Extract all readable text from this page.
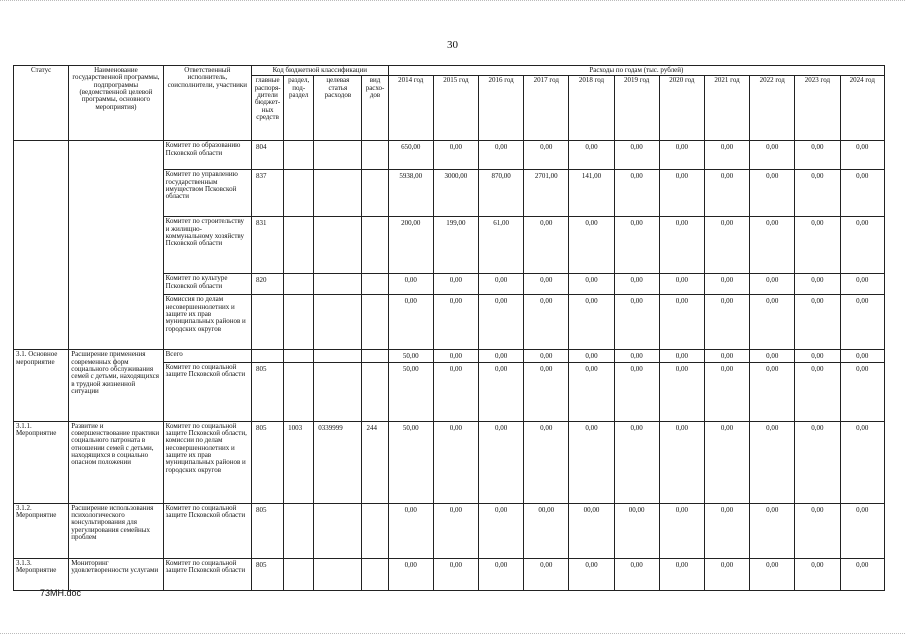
30
Статус	Наименование государственной программы, подпрограммы (ведомственной целевой программы, основного мероприятия)	Ответственный исполнитель, соисполнители, участники	Код бюджетной классификации				Расходы по годам (тыс. рублей)										
			главные распоря-дители бюджет-ных средств	раздел, под-раздел	целевая статья расходов	вид расхо-дов	2014 год	2015 год	2016 год	2017 год	2018 год	2019 год	2020 год	2021 год	2022 год	2023 год	2024 год
		Комитет по образованию Псковской области	804				650,00	0,00	0,00	0,00	0,00	0,00	0,00	0,00	0,00	0,00	0,00
		Комитет по управлению государственным имуществом Псковской области	837				5938,00	3000,00	870,00	2701,00	141,00	0,00	0,00	0,00	0,00	0,00	0,00
		Комитет по строительству и жилищно-коммунальному хозяйству Псковской области	831				200,00	199,00	61,00	0,00	0,00	0,00	0,00	0,00	0,00	0,00	0,00
		Комитет по культуре Псковской области	820				0,00	0,00	0,00	0,00	0,00	0,00	0,00	0,00	0,00	0,00	0,00
		Комиссия по делам несовершеннолетних и защите их прав муниципальных районов и городских округов					0,00	0,00	0,00	0,00	0,00	0,00	0,00	0,00	0,00	0,00	0,00
3.1. Основное мероприятие	Расширение применения современных форм социального обслуживания семей с детьми, находящихся в трудной жизненной ситуации	Всего					50,00	0,00	0,00	0,00	0,00	0,00	0,00	0,00	0,00	0,00	0,00
		Комитет по социальной защите Псковской области	805				50,00	0,00	0,00	0,00	0,00	0,00	0,00	0,00	0,00	0,00	0,00
3.1.1. Мероприятие	Развитие и совершенствование практики социального патроната в отношении семей с детьми, находящихся в социально опасном положении	Комитет по социальной защите Псковской области, комиссии по делам несовершеннолетних и защите их прав муниципальных районов и городских округов	805	1003	0339999	244	50,00	0,00	0,00	0,00	0,00	0,00	0,00	0,00	0,00	0,00	0,00
3.1.2. Мероприятие	Расширение использования психологического консультирования для урегулирования семейных проблем	Комитет по социальной защите Псковской области	805				0,00	0,00	0,00	00,00	00,00	00,00	0,00	0,00	0,00	0,00	0,00
3.1.3. Мероприятие	Мониторинг удовлетворенности услугами	Комитет по социальной защите Псковской области	805				0,00	0,00	0,00	0,00	0,00	0,00	0,00	0,00	0,00	0,00	0,00
73МН.doc
